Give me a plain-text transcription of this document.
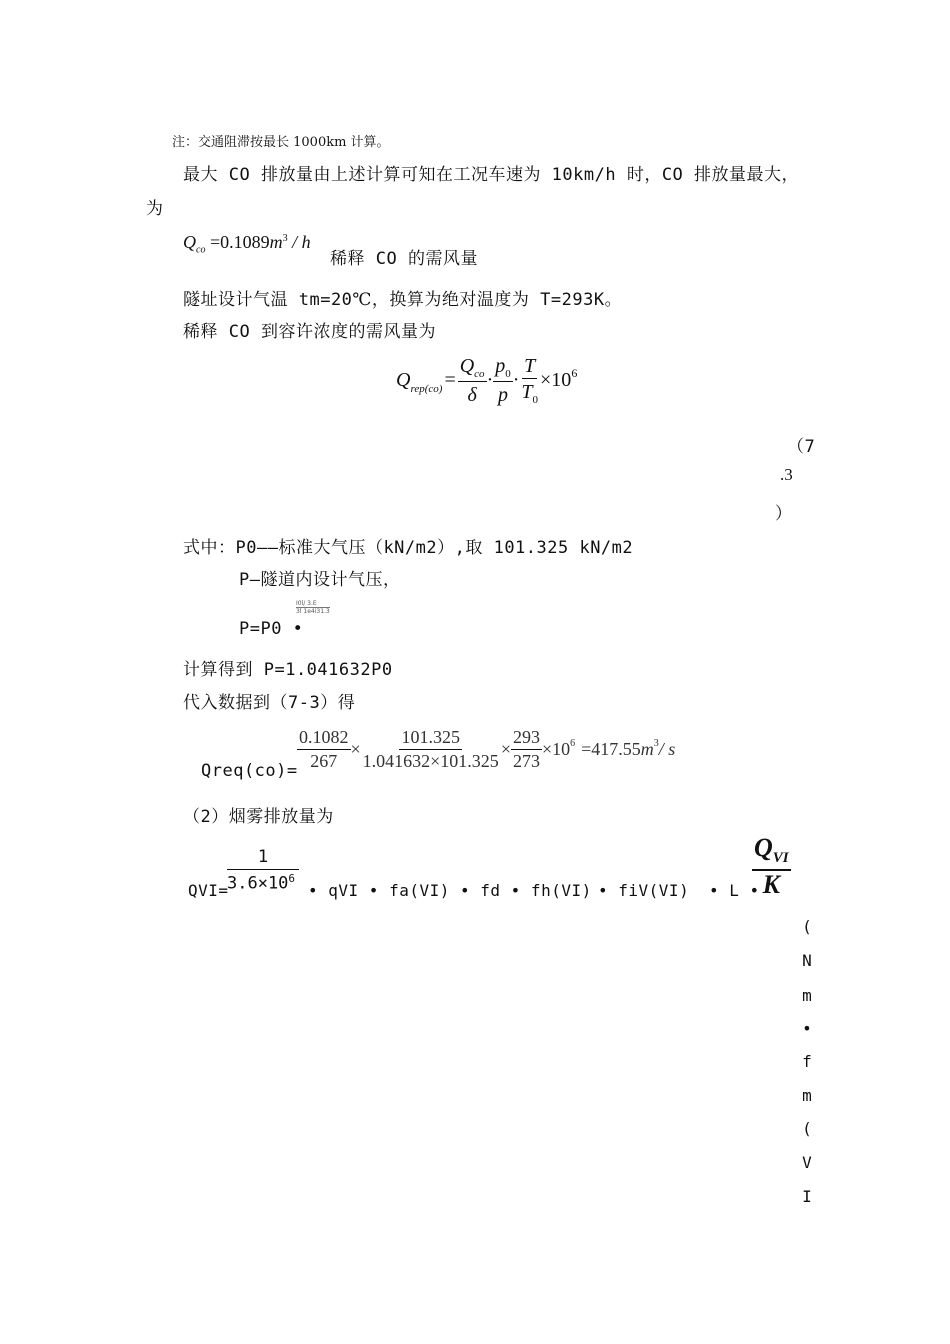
注：交通阻滞按最长 1000km 计算。
最大 CO 排放量由上述计算可知在工况车速为 10km/h 时，CO 排放量最大，
为
$Q_{co} =0.1089m^3 / h$
稀释 CO 的需风量
隧址设计气温 tm=20℃，换算为绝对温度为 T=293K。
稀释 CO 到容许浓度的需风量为
Q $rep(co) = \frac{Q_{co}}{\delta} \cdot \frac{p_0}{p} \cdot \frac{T}{T_0} \times 10^6$
（7
.3
）
式中：P0——标准大气压（kN/m2）,取 101.325 kN/m2
P—隧道内设计气压，
P=P0 •
$\frac{I0l/ 3.E}{3l 1e4i31.3}$
计算得到 P=1.041632P0
代入数据到（7-3）得
Qreq(co)= $\frac{0.1082}{267} \times \frac{101.325}{1.041632\times 101.325} \times \frac{293}{273} \times 10^6 =417.55$ $m^3$ / s
（2）烟雾排放量为
QVI=
1
$3.6\times 10^6$
• qVI • fa(VI) • fd • fh(VI) • fiV(VI) • L •
$Q_{VI}$
K
(
N
m
•
f
m
(
V
I
